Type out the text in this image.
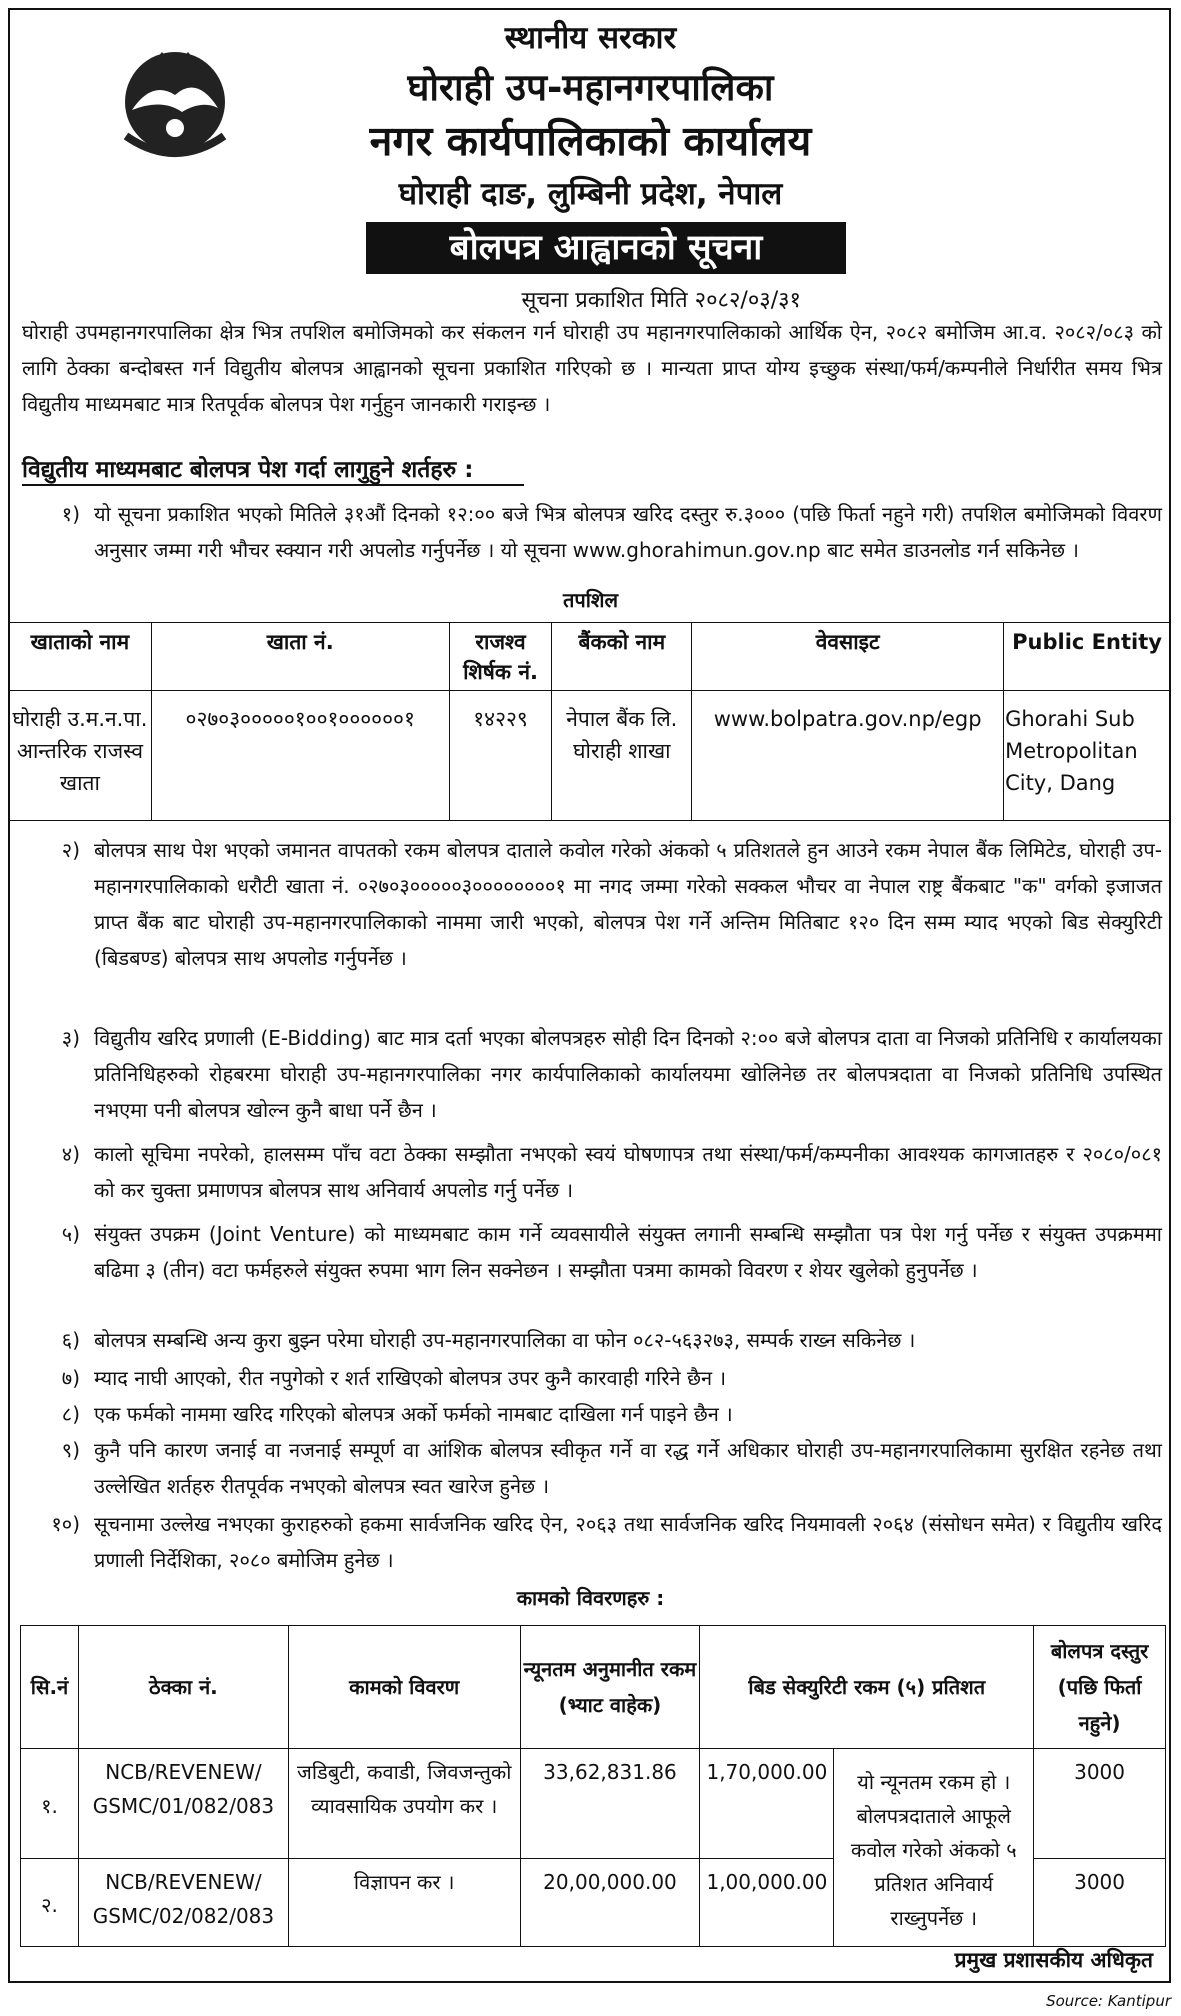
स्थानीय सरकार
घोराही उप-महानगरपालिका
नगर कार्यपालिकाको कार्यालय
घोराही दाङ, लुम्बिनी प्रदेश, नेपाल
बोलपत्र आह्वानको सूचना
सूचना प्रकाशित मिति २०८२/०३/३१
घोराही उपमहानगरपालिका क्षेत्र भित्र तपशिल बमोजिमको कर संकलन गर्न घोराही उप महानगरपालिकाको आर्थिक ऐन, २०८२ बमोजिम आ.व. २०८२/०८३ को लागि ठेक्का बन्दोबस्त गर्न विद्युतीय बोलपत्र आह्वानको सूचना प्रकाशित गरिएको छ । मान्यता प्राप्त योग्य इच्छुक संस्था/फर्म/कम्पनीले निर्धारीत समय भित्र विद्युतीय माध्यमबाट मात्र रितपूर्वक बोलपत्र पेश गर्नुहुन जानकारी गराइन्छ ।
विद्युतीय माध्यमबाट बोलपत्र पेश गर्दा लागुहुने शर्तहरु :
१) यो सूचना प्रकाशित भएको मितिले ३१औं दिनको १२:०० बजे भित्र बोलपत्र खरिद दस्तुर रु.३००० (पछि फिर्ता नहुने गरी) तपशिल बमोजिमको विवरण अनुसार जम्मा गरी भौचर स्क्यान गरी अपलोड गर्नुपर्नेछ । यो सूचना www.ghorahimun.gov.np बाट समेत डाउनलोड गर्न सकिनेछ ।
तपशिल
खाताको नाम	खाता नं.	राजश्व शिर्षक नं.	बैंकको नाम	वेवसाइट	Public Entity
घोराही उ.म.न.पा. आन्तरिक राजस्व खाता	०२७०३०००००१००१००००००१	१४२२९	नेपाल बैंक लि. घोराही शाखा	www.bolpatra.gov.np/egp	Ghorahi Sub Metropolitan City, Dang
२) बोलपत्र साथ पेश भएको जमानत वापतको रकम बोलपत्र दाताले कवोल गरेको अंकको ५ प्रतिशतले हुन आउने रकम नेपाल बैंक लिमिटेड, घोराही उप-महानगरपालिकाको धरौटी खाता नं. ०२७०३०००००३००००००००१ मा नगद जम्मा गरेको सक्कल भौचर वा नेपाल राष्ट्र बैंकबाट "क" वर्गको इजाजत प्राप्त बैंक बाट घोराही उप-महानगरपालिकाको नाममा जारी भएको, बोलपत्र पेश गर्ने अन्तिम मितिबाट १२० दिन सम्म म्याद भएको बिड सेक्युरिटी (बिडबण्ड) बोलपत्र साथ अपलोड गर्नुपर्नेछ ।
३) विद्युतीय खरिद प्रणाली (E-Bidding) बाट मात्र दर्ता भएका बोलपत्रहरु सोही दिन दिनको २:०० बजे बोलपत्र दाता वा निजको प्रतिनिधि र कार्यालयका प्रतिनिधिहरुको रोहबरमा घोराही उप-महानगरपालिका नगर कार्यपालिकाको कार्यालयमा खोलिनेछ तर बोलपत्रदाता वा निजको प्रतिनिधि उपस्थित नभएमा पनी बोलपत्र खोल्न कुनै बाधा पर्ने छैन ।
४) कालो सूचिमा नपरेको, हालसम्म पाँच वटा ठेक्का सम्झौता नभएको स्वयं घोषणापत्र तथा संस्था/फर्म/कम्पनीका आवश्यक कागजातहरु र २०८०/०८१ को कर चुक्ता प्रमाणपत्र बोलपत्र साथ अनिवार्य अपलोड गर्नु पर्नेछ ।
५) संयुक्त उपक्रम (Joint Venture) को माध्यमबाट काम गर्ने व्यवसायीले संयुक्त लगानी सम्बन्धि सम्झौता पत्र पेश गर्नु पर्नेछ र संयुक्त उपक्रममा बढिमा ३ (तीन) वटा फर्महरुले संयुक्त रुपमा भाग लिन सक्नेछन । सम्झौता पत्रमा कामको विवरण र शेयर खुलेको हुनुपर्नेछ ।
६) बोलपत्र सम्बन्धि अन्य कुरा बुझ्न परेमा घोराही उप-महानगरपालिका वा फोन ०८२-५६३२७३, सम्पर्क राख्न सकिनेछ ।
७) म्याद नाघी आएको, रीत नपुगेको र शर्त राखिएको बोलपत्र उपर कुनै कारवाही गरिने छैन ।
८) एक फर्मको नाममा खरिद गरिएको बोलपत्र अर्को फर्मको नामबाट दाखिला गर्न पाइने छैन ।
९) कुनै पनि कारण जनाई वा नजनाई सम्पूर्ण वा आंशिक बोलपत्र स्वीकृत गर्ने वा रद्ध गर्ने अधिकार घोराही उप-महानगरपालिकामा सुरक्षित रहनेछ तथा उल्लेखित शर्तहरु रीतपूर्वक नभएको बोलपत्र स्वत खारेज हुनेछ ।
१०) सूचनामा उल्लेख नभएका कुराहरुको हकमा सार्वजनिक खरिद ऐन, २०६३ तथा सार्वजनिक खरिद नियमावली २०६४ (संसोधन समेत) र विद्युतीय खरिद प्रणाली निर्देशिका, २०८० बमोजिम हुनेछ ।
कामको विवरणहरु :
सि.नं	ठेक्का नं.	कामको विवरण	न्यूनतम अनुमानीत रकम (भ्याट वाहेक)	बिड सेक्युरिटी रकम (५) प्रतिशत		बोलपत्र दस्तुर (पछि फिर्ता नहुने)
१.	NCB/REVENEW/ GSMC/01/082/083	जडिबुटी, कवाडी, जिवजन्तुको व्यावसायिक उपयोग कर ।	33,62,831.86	1,70,000.00	यो न्यूनतम रकम हो । बोलपत्रदाताले आफूले कवोल गरेको अंकको ५ प्रतिशत अनिवार्य राख्नुपर्नेछ ।	3000
२.	NCB/REVENEW/ GSMC/02/082/083	विज्ञापन कर ।	20,00,000.00	1,00,000.00		3000
प्रमुख प्रशासकीय अधिकृत
Source: Kantipur
